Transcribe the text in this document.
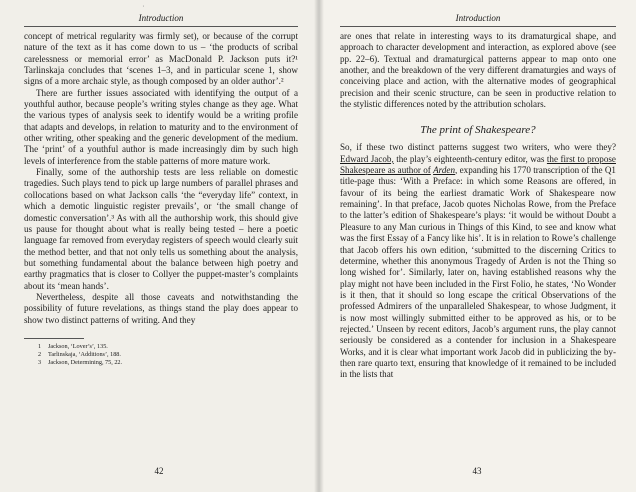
˙
Introduction

concept of metrical regularity was firmly set), or because of the corrupt nature of the text as it has come down to us – ‘the products of scribal carelessness or memorial error’ as MacDonald P. Jackson puts it?¹ Tarlinskaja concludes that ‘scenes 1–3, and in particular scene 1, show signs of a more archaic style, as though composed by an older author’.²

There are further issues associated with identifying the output of a youthful author, because people’s writing styles change as they age. What the various types of analysis seek to identify would be a writing profile that adapts and develops, in relation to maturity and to the environment of other writing, other speaking and the generic development of the medium. The ‘print’ of a youthful author is made increasingly dim by such high levels of interference from the stable patterns of more mature work.

Finally, some of the authorship tests are less reliable on domestic tragedies. Such plays tend to pick up large numbers of parallel phrases and collocations based on what Jackson calls ‘the “everyday life” context, in which a demotic linguistic register prevails’, or ‘the small change of domestic conversation’.³ As with all the authorship work, this should give us pause for thought about what is really being tested – here a poetic language far removed from everyday registers of speech would clearly suit the method better, and that not only tells us something about the analysis, but something fundamental about the balance between high poetry and earthy pragmatics that is closer to Collyer the puppet-master’s complaints about its ‘mean hands’.

Nevertheless, despite all those caveats and notwithstanding the possibility of future revelations, as things stand the play does appear to show two distinct patterns of writing. And they

1 Jackson, ‘Lover’s’, 135.
2 Tarlinskaja, ‘Additions’, 188.
3 Jackson, Determining, 75, 22.
42
Introduction

are ones that relate in interesting ways to its dramaturgical shape, and approach to character development and interaction, as explored above (see pp. 22–6). Textual and dramaturgical patterns appear to map onto one another, and the breakdown of the very different dramaturgies and ways of conceiving place and action, with the alternative modes of geographical precision and their scenic structure, can be seen in productive relation to the stylistic differences noted by the attribution scholars.

The print of Shakespeare?

So, if these two distinct patterns suggest two writers, who were they? Edward Jacob, the play’s eighteenth-century editor, was the first to propose Shakespeare as author of Arden, expanding his 1770 transcription of the Q1 title-page thus: ‘With a Preface: in which some Reasons are offered, in favour of its being the earliest dramatic Work of Shakespeare now remaining’. In that preface, Jacob quotes Nicholas Rowe, from the Preface to the latter’s edition of Shakespeare’s plays: ‘it would be without Doubt a Pleasure to any Man curious in Things of this Kind, to see and know what was the first Essay of a Fancy like his’. It is in relation to Rowe’s challenge that Jacob offers his own edition, ‘submitted to the discerning Critics to determine, whether this anonymous Tragedy of Arden is not the Thing so long wished for’. Similarly, later on, having established reasons why the play might not have been included in the First Folio, he states, ‘No Wonder is it then, that it should so long escape the critical Observations of the professed Admirers of the unparalleled Shakespear, to whose Judgment, it is now most willingly submitted either to be approved as his, or to be rejected.’ Unseen by recent editors, Jacob’s argument runs, the play cannot seriously be considered as a contender for inclusion in a Shakespeare Works, and it is clear what important work Jacob did in publicizing the by-then rare quarto text, ensuring that knowledge of it remained to be included in the lists that

43
